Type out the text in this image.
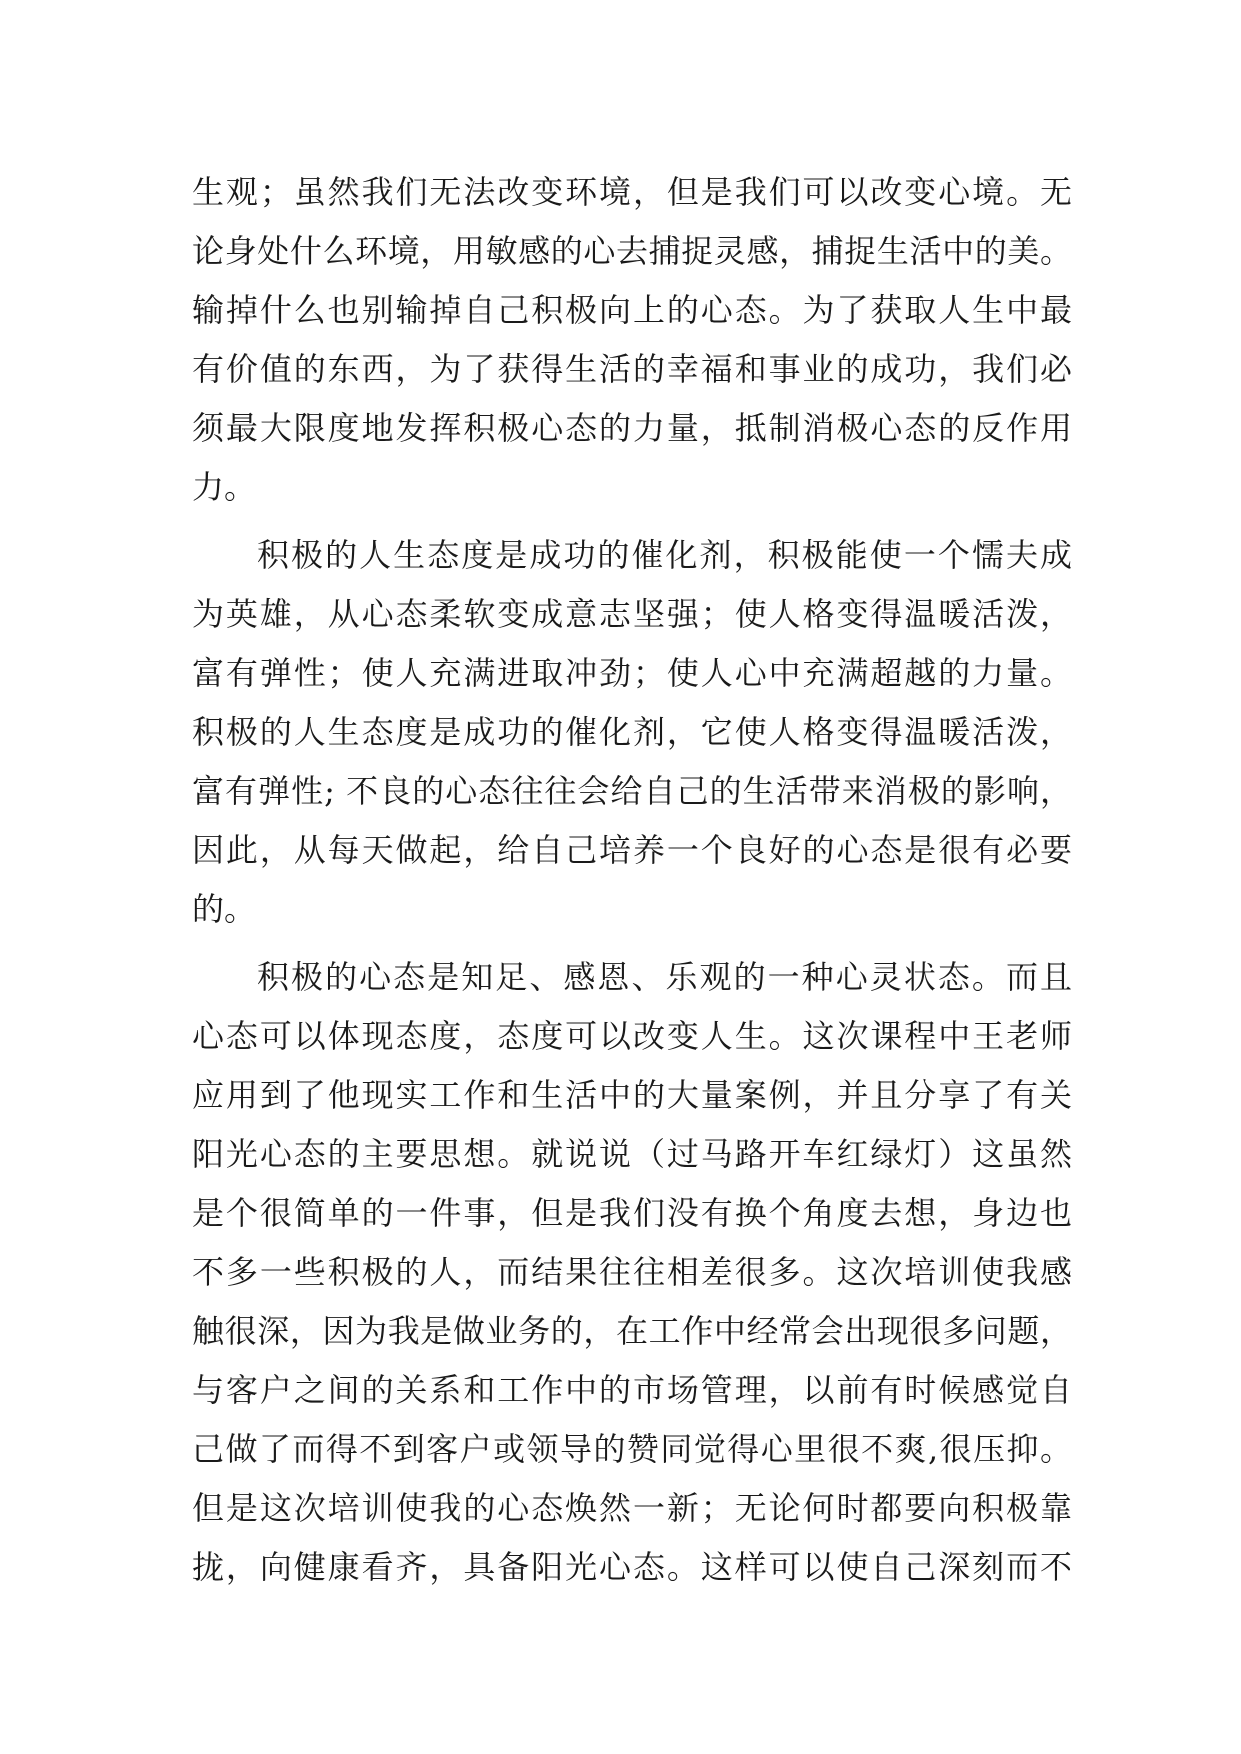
生观；虽然我们无法改变环境，但是我们可以改变心境。无
论身处什么环境，用敏感的心去捕捉灵感，捕捉生活中的美。
输掉什么也别输掉自己积极向上的心态。为了获取人生中最
有价值的东西，为了获得生活的幸福和事业的成功，我们必
须最大限度地发挥积极心态的力量，抵制消极心态的反作用
力。
积极的人生态度是成功的催化剂，积极能使一个懦夫成
为英雄，从心态柔软变成意志坚强；使人格变得温暖活泼，
富有弹性；使人充满进取冲劲；使人心中充满超越的力量。
积极的人生态度是成功的催化剂，它使人格变得温暖活泼，
富有弹性; 不良的心态往往会给自己的生活带来消极的影响，
因此，从每天做起，给自己培养一个良好的心态是很有必要
的。
积极的心态是知足、感恩、乐观的一种心灵状态。而且
心态可以体现态度，态度可以改变人生。这次课程中王老师
应用到了他现实工作和生活中的大量案例，并且分享了有关
阳光心态的主要思想。就说说（过马路开车红绿灯）这虽然
是个很简单的一件事，但是我们没有换个角度去想，身边也
不多一些积极的人，而结果往往相差很多。这次培训使我感
触很深，因为我是做业务的，在工作中经常会出现很多问题，
与客户之间的关系和工作中的市场管理，以前有时候感觉自
己做了而得不到客户或领导的赞同觉得心里很不爽,很压抑。
但是这次培训使我的心态焕然一新；无论何时都要向积极靠
拢，向健康看齐，具备阳光心态。这样可以使自己深刻而不
